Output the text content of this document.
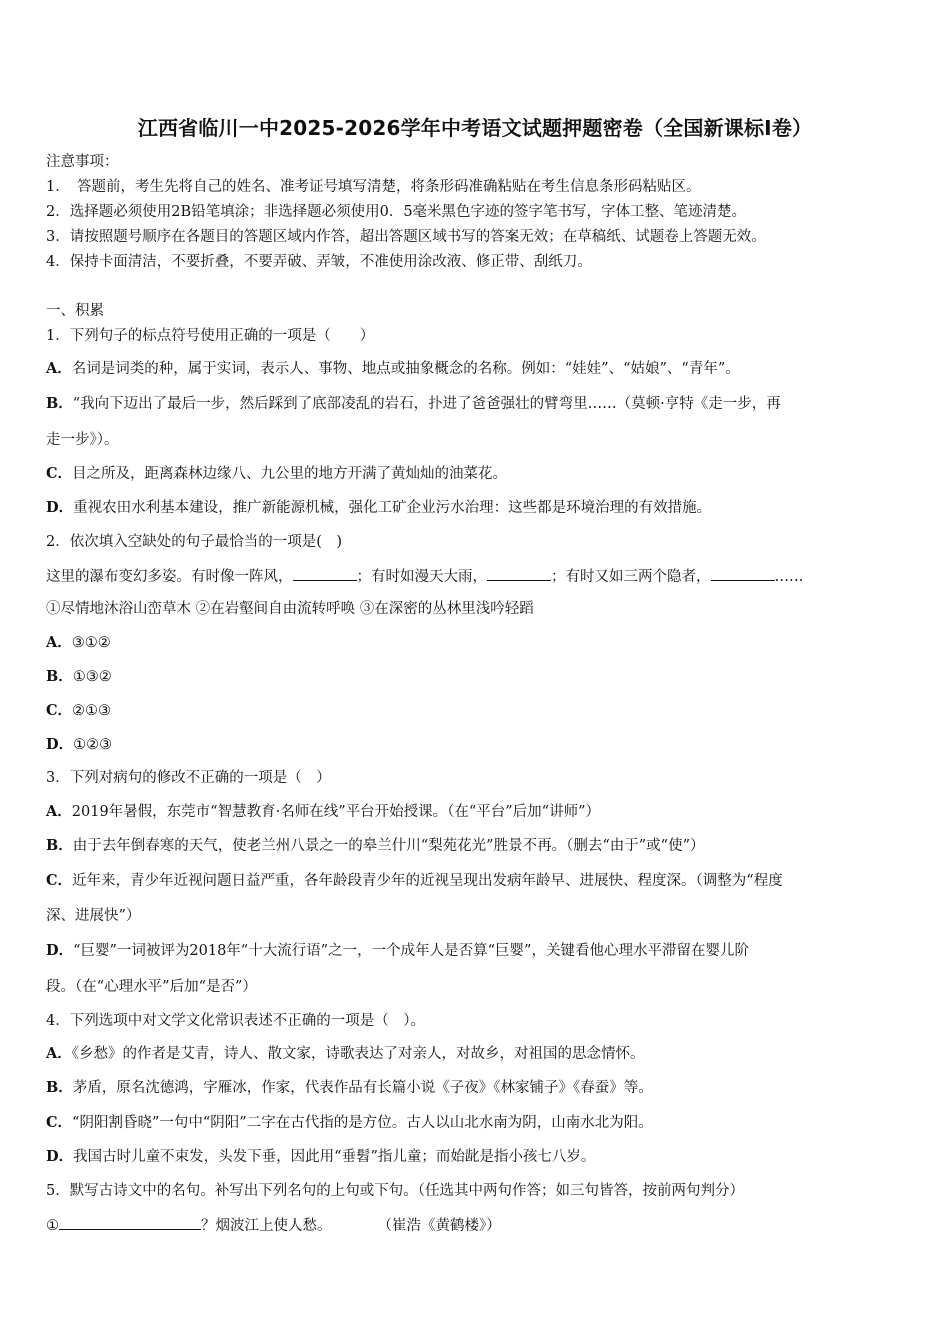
江西省临川一中2025-2026学年中考语文试题押题密卷（全国新课标Ⅰ卷）
注意事项：
1．　答题前，考生先将自己的姓名、准考证号填写清楚，将条形码准确粘贴在考生信息条形码粘贴区。
2．选择题必须使用2B铅笔填涂；非选择题必须使用0．5毫米黑色字迹的签字笔书写，字体工整、笔迹清楚。
3．请按照题号顺序在各题目的答题区域内作答，超出答题区域书写的答案无效；在草稿纸、试题卷上答题无效。
4．保持卡面清洁，不要折叠，不要弄破、弄皱，不准使用涂改液、修正带、刮纸刀。
一、积累
1．下列句子的标点符号使用正确的一项是（　　）
A．名词是词类的种，属于实词，表示人、事物、地点或抽象概念的名称。例如：“娃娃”、“姑娘”、“青年”。
B．“我向下迈出了最后一步，然后踩到了底部凌乱的岩石，扑进了爸爸强壮的臂弯里……（莫顿·亨特《走一步，再
走一步》）。
C．目之所及，距离森林边缘八、九公里的地方开满了黄灿灿的油菜花。
D．重视农田水利基本建设，推广新能源机械，强化工矿企业污水治理：这些都是环境治理的有效措施。
2．依次填入空缺处的句子最恰当的一项是(　)
这里的瀑布变幻多姿。有时像一阵风，	；有时如漫天大雨，	；有时又如三两个隐者，	……
①尽情地沐浴山峦草木 ②在岩壑间自由流转呼唤 ③在深密的丛林里浅吟轻蹈
A．③①②
B．①③②
C．②①③
D．①②③
3．下列对病句的修改不正确的一项是（　）
A．2019年暑假，东莞市“智慧教育·名师在线”平台开始授课。（在“平台”后加“讲师”）
B．由于去年倒春寒的天气，使老兰州八景之一的皋兰什川“梨苑花光”胜景不再。（删去“由于”或“使”）
C．近年来，青少年近视问题日益严重，各年龄段青少年的近视呈现出发病年龄早、进展快、程度深。（调整为“程度
深、进展快”）
D．“巨婴”一词被评为2018年“十大流行语”之一，一个成年人是否算“巨婴”，关键看他心理水平滞留在婴儿阶
段。（在“心理水平”后加“是否”）
4．下列选项中对文学文化常识表述不正确的一项是（　）。
A．《乡愁》的作者是艾青，诗人、散文家，诗歌表达了对亲人，对故乡，对祖国的思念情怀。
B．茅盾，原名沈德鸿，字雁冰，作家，代表作品有长篇小说《子夜》《林家铺子》《春蚕》等。
C．“阴阳割昏晓”一句中“阴阳”二字在古代指的是方位。古人以山北水南为阴，山南水北为阳。
D．我国古时儿童不束发，头发下垂，因此用“垂髫”指儿童；而始龀是指小孩七八岁。
5．默写古诗文中的名句。补写出下列名句的上句或下句。（任选其中两句作答；如三句皆答，按前两句判分）
①	？烟波江上使人愁。	（崔浩《黄鹤楼》）
